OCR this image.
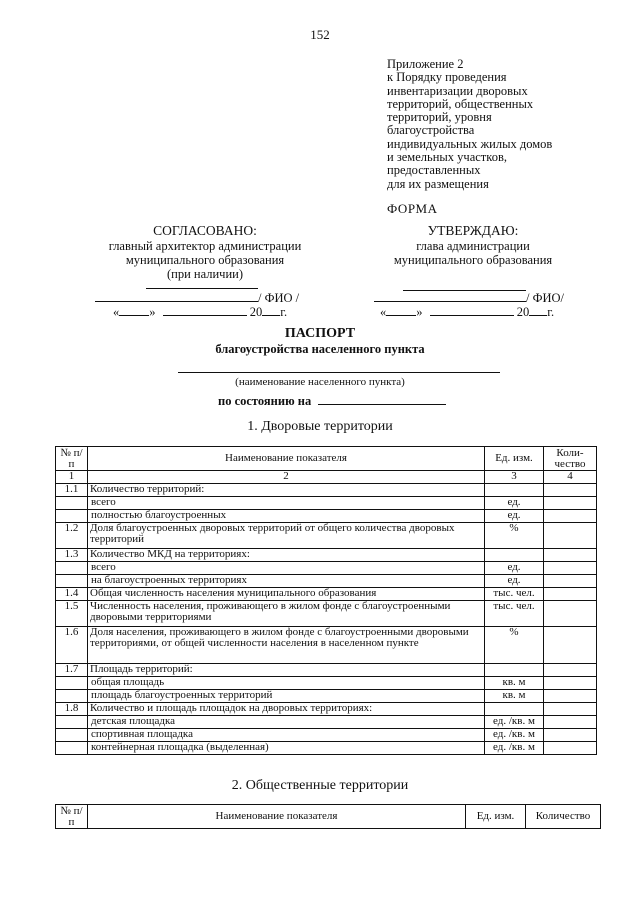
152
Приложение 2
к Порядку проведения
инвентаризации дворовых
территорий, общественных
территорий, уровня
благоустройства
индивидуальных жилых домов
и земельных участков,
предоставленных
для их размещения
ФОРМА
СОГЛАСОВАНО:
главный архитектор администрации
муниципального образования
(при наличии)
/ ФИО /
« »	20 г.
УТВЕРЖДАЮ:
глава администрации
муниципального образования
/ ФИО/
« »	20 г.
ПАСПОРТ
благоустройства населенного пункта
(наименование населенного пункта)
по состоянию на
1. Дворовые территории
№ п/п	Наименование показателя	Ед. изм.	Коли-чество
1	2	3	4
1.1	Количество территорий:		
	всего	ед.	
	полностью благоустроенных	ед.	
1.2	Доля благоустроенных дворовых территорий от общего количества дворовых территорий	%	
1.3	Количество МКД на территориях:		
	всего	ед.	
	на благоустроенных территориях	ед.	
1.4	Общая численность населения муниципального образования	тыс. чел.	
1.5	Численность населения, проживающего в жилом фонде с благоустроенными дворовыми территориями	тыс. чел.	
1.6	Доля населения, проживающего в жилом фонде с благоустроенными дворовыми территориями, от общей численности населения в населенном пункте	%	
1.7	Площадь территорий:		
	общая площадь	кв. м	
	площадь благоустроенных территорий	кв. м	
1.8	Количество и площадь площадок на дворовых территориях:		
	детская площадка	ед. /кв. м	
	спортивная площадка	ед. /кв. м	
	контейнерная площадка (выделенная)	ед. /кв. м	
2. Общественные территории
№ п/п	Наименование показателя	Ед. изм.	Количество
